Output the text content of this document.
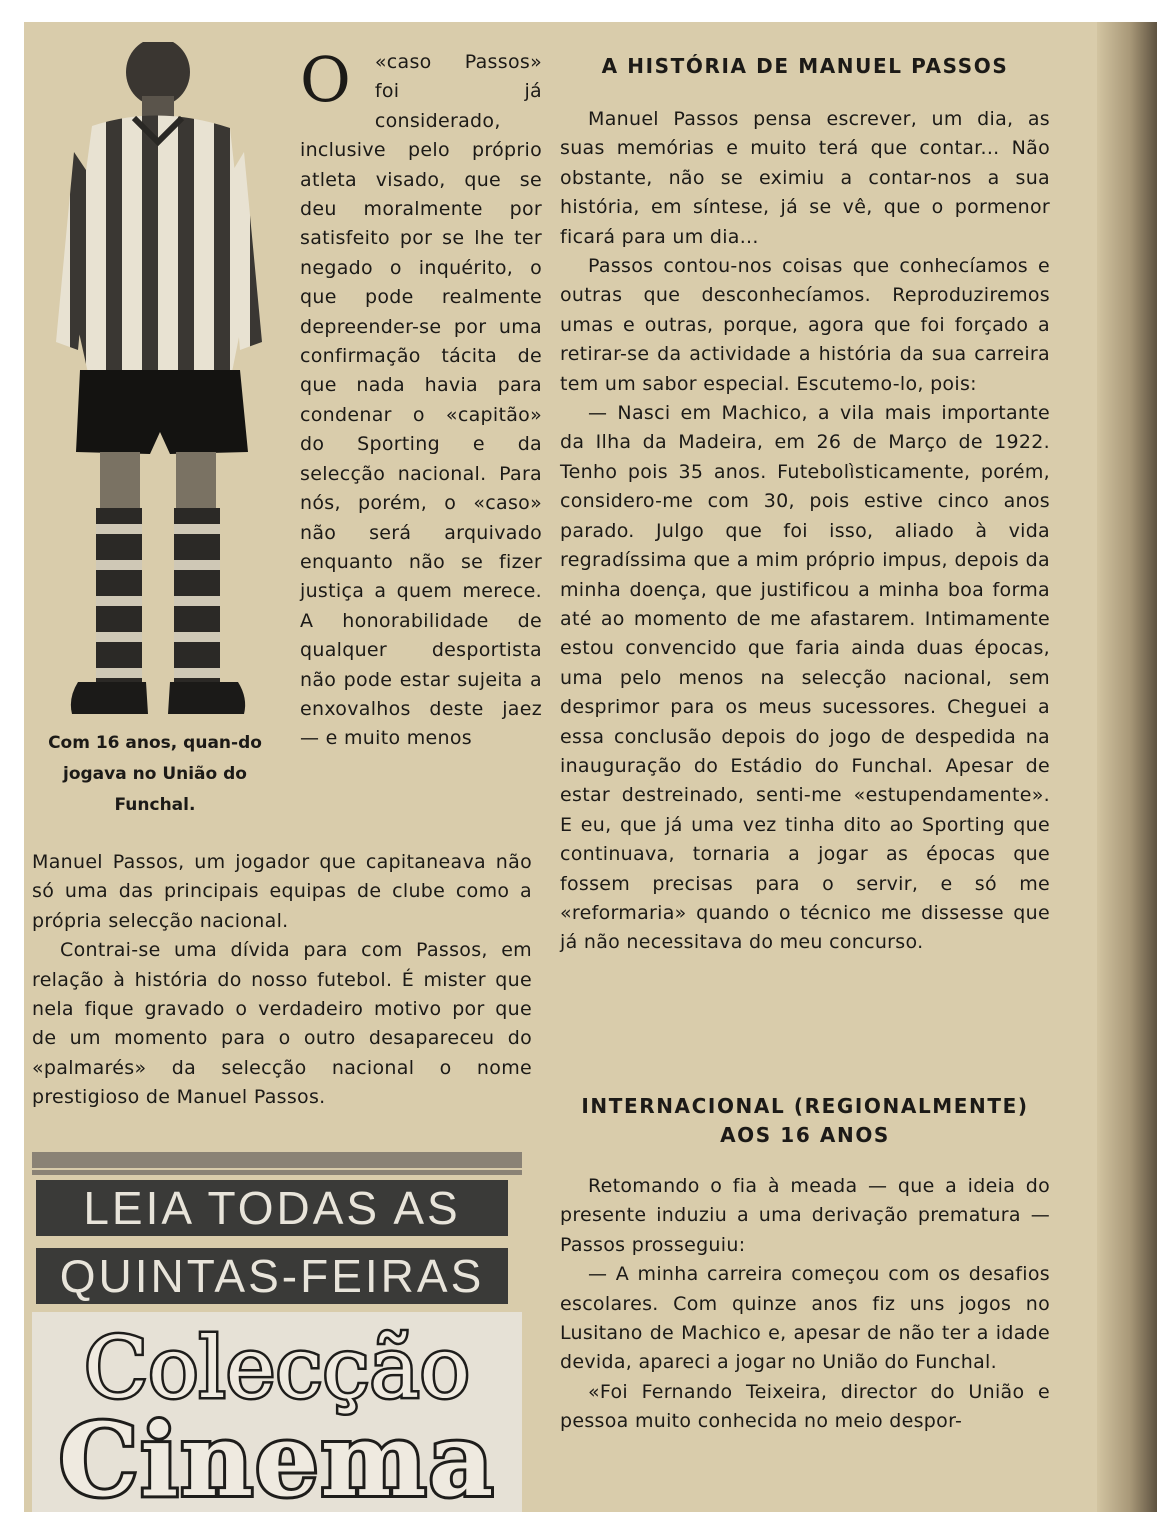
Com 16 anos, quan-do jogava no União do Funchal.
O	«caso Passos» foi já considerado, inclusive pelo próprio atleta visado, que se deu moralmente por satisfeito por se lhe ter negado o inquérito, o que pode realmente depreender-se por uma confirmação tácita de que nada havia para condenar o «capitão» do Sporting e da selecção nacional. Para nós, porém, o «caso» não será arquivado enquanto não se fizer justiça a quem merece. A honorabilidade de qualquer desportista não pode estar sujeita a enxovalhos deste jaez — e muito menos

Manuel Passos, um jogador que capitaneava não só uma das principais equipas de clube como a própria selecção nacional.

Contrai-se uma dívida para com Passos, em relação à história do nosso futebol. É mister que nela fique gravado o verdadeiro motivo por que de um momento para o outro desapareceu do «palmarés» da selecção nacional o nome prestigioso de Manuel Passos.

LEIA TODAS AS
QUINTAS-FEIRAS
Colecção
Cinema

A HISTÓRIA DE MANUEL PASSOS

Manuel Passos pensa escrever, um dia, as suas memórias e muito terá que contar... Não obstante, não se eximiu a contar-nos a sua história, em síntese, já se vê, que o pormenor ficará para um dia...

Passos contou-nos coisas que conhecíamos e outras que desconhecíamos. Reproduziremos umas e outras, porque, agora que foi forçado a retirar-se da actividade a história da sua carreira tem um sabor especial. Escutemo-lo, pois:

— Nasci em Machico, a vila mais importante da Ilha da Madeira, em 26 de Março de 1922. Tenho pois 35 anos. Futebolìsticamente, porém, considero-me com 30, pois estive cinco anos parado. Julgo que foi isso, aliado à vida regradíssima que a mim próprio impus, depois da minha doença, que justificou a minha boa forma até ao momento de me afastarem. Intimamente estou convencido que faria ainda duas épocas, uma pelo menos na selecção nacional, sem desprimor para os meus sucessores. Cheguei a essa conclusão depois do jogo de despedida na inauguração do Estádio do Funchal. Apesar de estar destreinado, senti-me «estupendamente». E eu, que já uma vez tinha dito ao Sporting que continuava, tornaria a jogar as épocas que fossem precisas para o servir, e só me «reformaria» quando o técnico me dissesse que já não necessitava do meu concurso.

INTERNACIONAL (REGIONALMENTE)

AOS 16 ANOS

Retomando o fia à meada — que a ideia do presente induziu a uma derivação prematura — Passos prosseguiu:

— A minha carreira começou com os desafios escolares. Com quinze anos fiz uns jogos no Lusitano de Machico e, apesar de não ter a idade devida, apareci a jogar no União do Funchal.

«Foi Fernando Teixeira, director do União e pessoa muito conhecida no meio despor-
